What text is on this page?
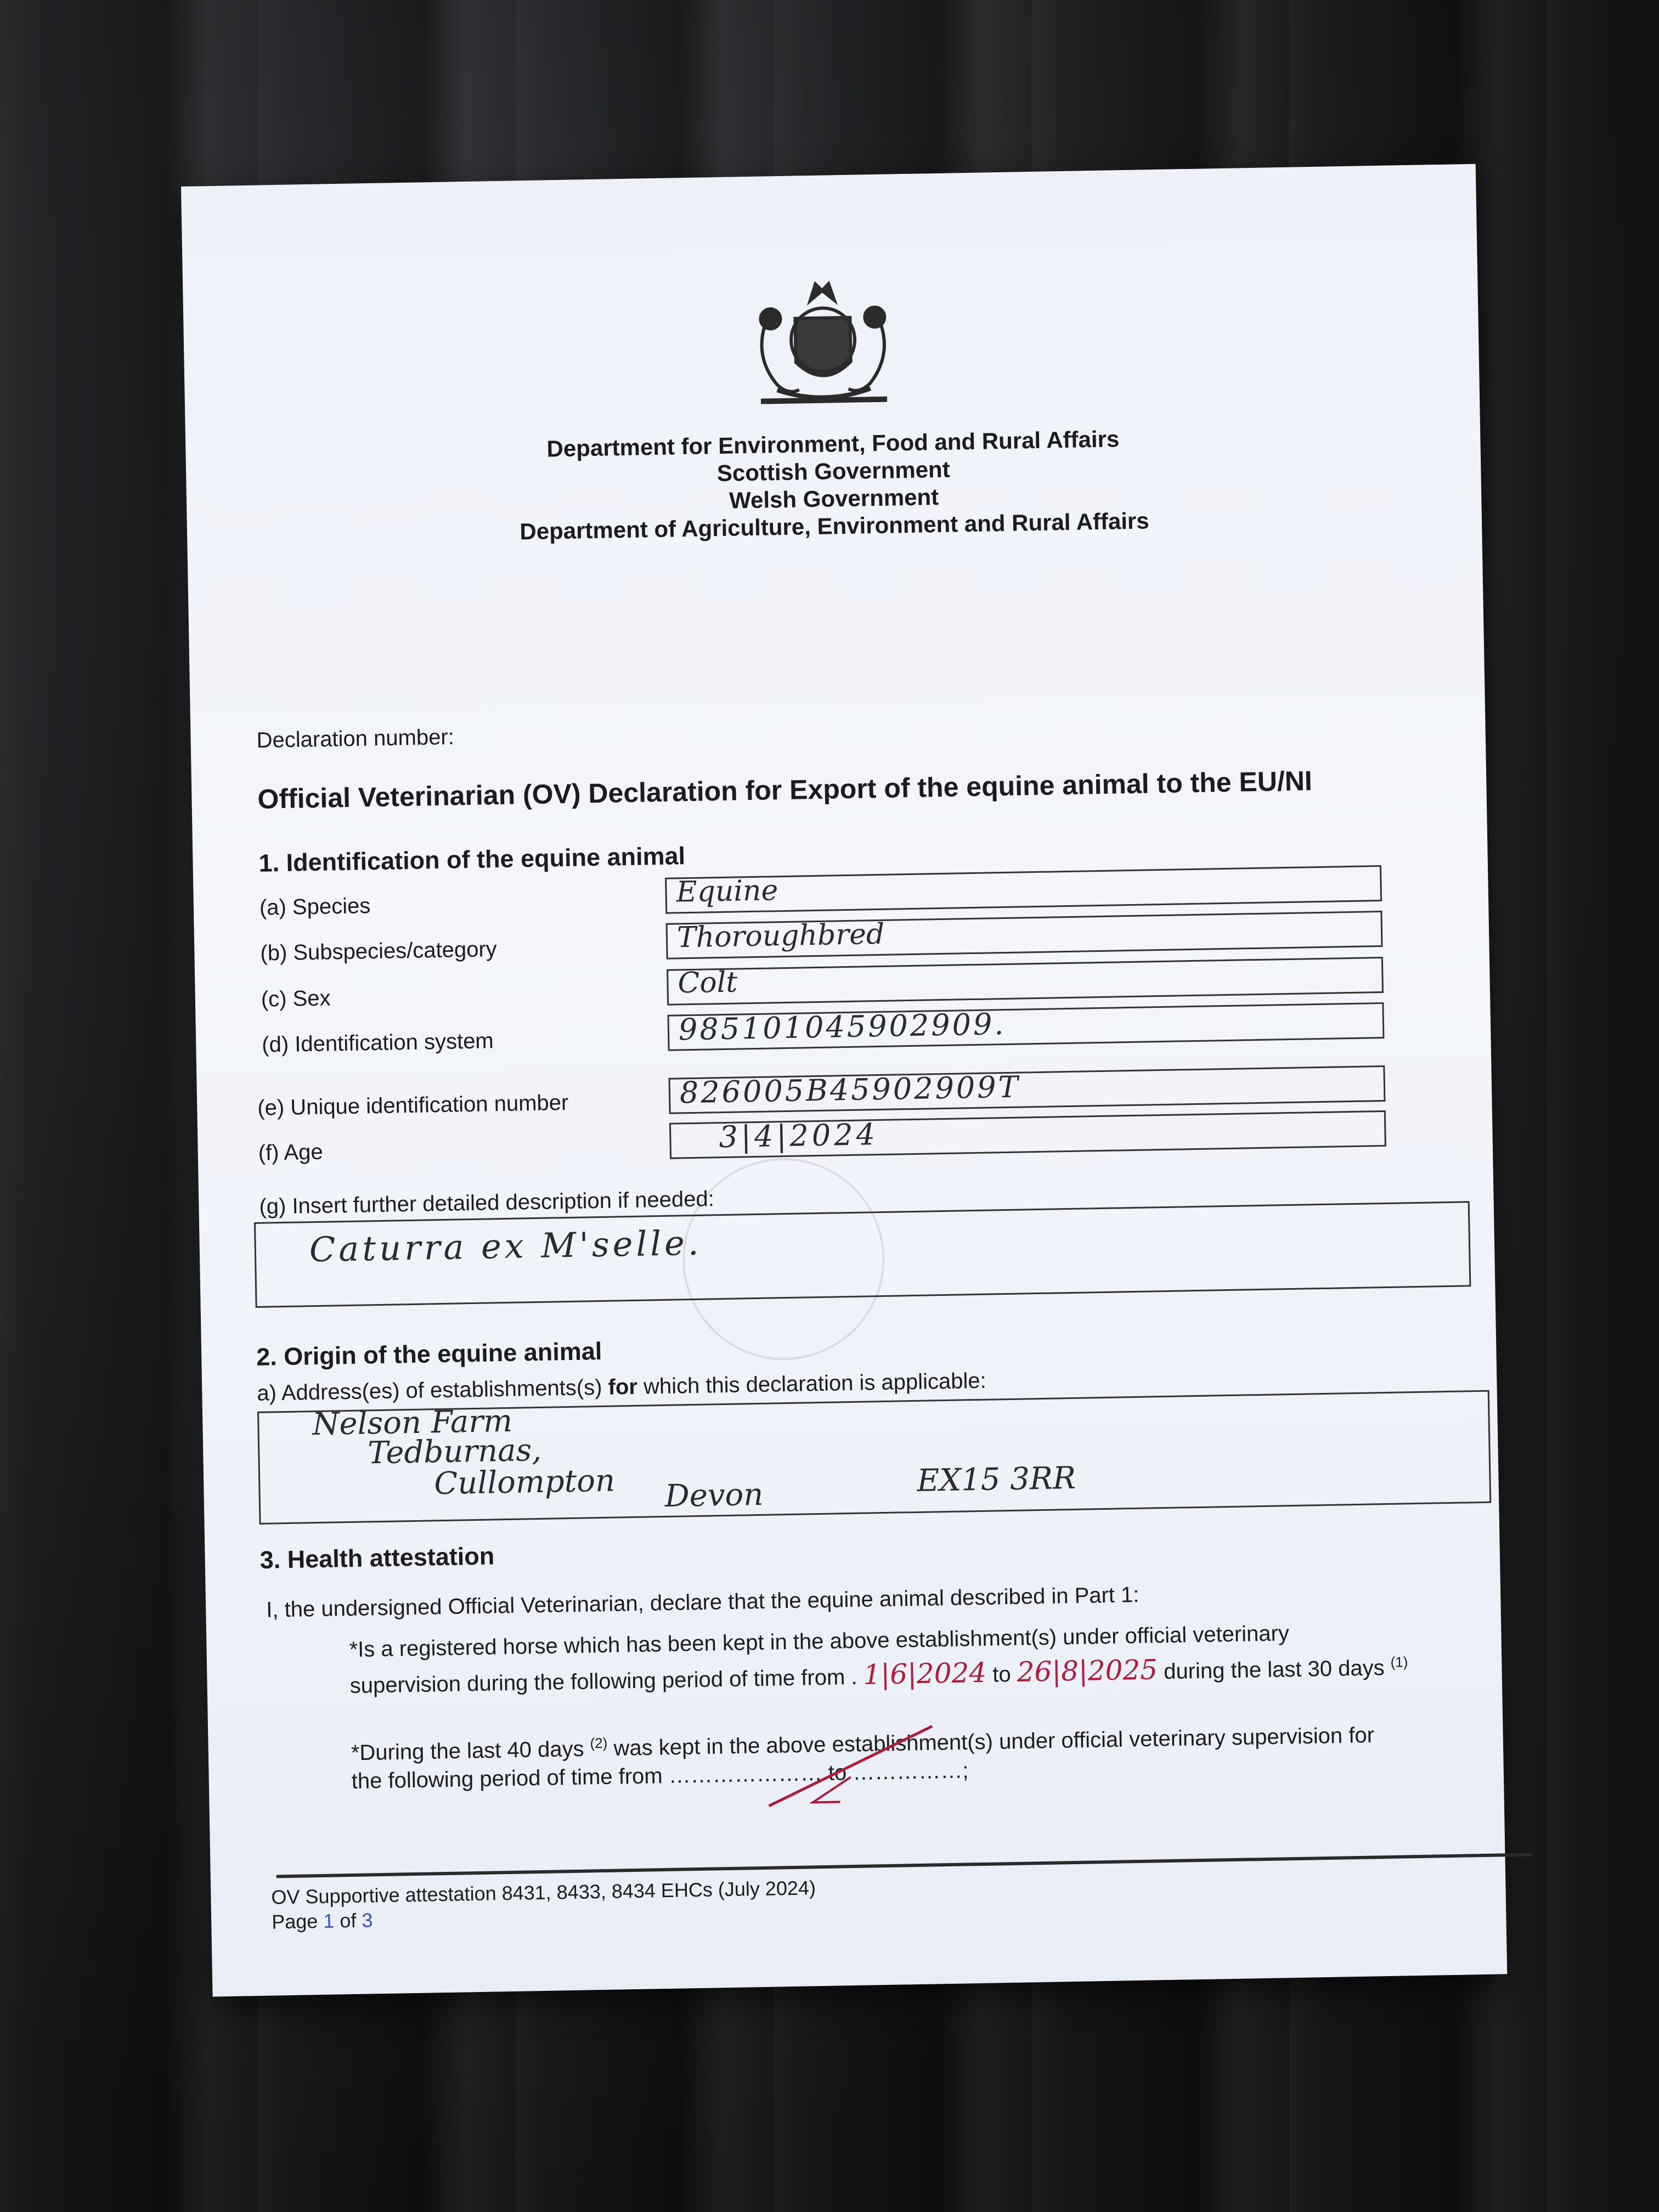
Department for Environment, Food and Rural Affairs
Scottish Government
Welsh Government
Department of Agriculture, Environment and Rural Affairs
Declaration number:
Official Veterinarian (OV) Declaration for Export of the equine animal to the EU/NI
1. Identification of the equine animal
(a) Species	Equine
(b) Subspecies/category	Thoroughbred
(c) Sex	Colt
(d) Identification system	985101045902909.
(e) Unique identification number	826005B45902909T
(f) Age	3|4|2024
(g) Insert further detailed description if needed:
Caturra ex M'selle.
2. Origin of the equine animal
a) Address(es) of establishments(s) for which this declaration is applicable:
Nelson Farm
Tedburnas,
Cullompton Devon	EX15 3RR
3. Health attestation
I, the undersigned Official Veterinarian, declare that the equine animal described in Part 1:
*Is a registered horse which has been kept in the above establishment(s) under official veterinary
supervision during the following period of time from . 1|6|2024 to 26|8|2025 during the last 30 days $^{(1)}$
*During the last 40 days $^{(2)}$ was kept in the above establishment(s) under official veterinary supervision for
the following period of time from ………………… to ……………;
OV Supportive attestation 8431, 8433, 8434 EHCs (July 2024)
Page 1 of 3
